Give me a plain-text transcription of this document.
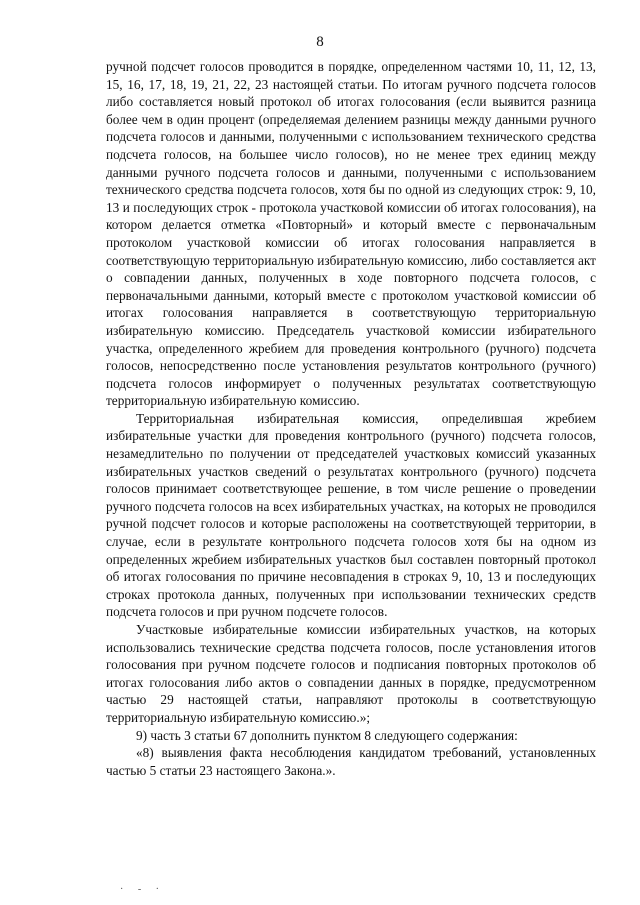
8

ручной подсчет голосов проводится в порядке, определенном частями 10, 11, 12, 13, 15, 16, 17, 18, 19, 21, 22, 23 настоящей статьи. По итогам ручного подсчета голосов либо составляется новый протокол об итогах голосования (если выявится разница более чем в один процент (определяемая делением разницы между данными ручного подсчета голосов и данными, полученными с использованием технического средства подсчета голосов, на большее число голосов), но не менее трех единиц между данными ручного подсчета голосов и данными, полученными с использованием технического средства подсчета голосов, хотя бы по одной из следующих строк: 9, 10, 13 и последующих строк - протокола участковой комиссии об итогах голосования), на котором делается отметка «Повторный» и который вместе с первоначальным протоколом участковой комиссии об итогах голосования направляется в соответствующую территориальную избирательную комиссию, либо составляется акт о совпадении данных, полученных в ходе повторного подсчета голосов, с первоначальными данными, который вместе с протоколом участковой комиссии об итогах голосования направляется в соответствующую территориальную избирательную комиссию. Председатель участковой комиссии избирательного участка, определенного жребием для проведения контрольного (ручного) подсчета голосов, непосредственно после установления результатов контрольного (ручного) подсчета голосов информирует о полученных результатах соответствующую территориальную избирательную комиссию.

Территориальная избирательная комиссия, определившая жребием избирательные участки для проведения контрольного (ручного) подсчета голосов, незамедлительно по получении от председателей участковых комиссий указанных избирательных участков сведений о результатах контрольного (ручного) подсчета голосов принимает соответствующее решение, в том числе решение о проведении ручного подсчета голосов на всех избирательных участках, на которых не проводился ручной подсчет голосов и которые расположены на соответствующей территории, в случае, если в результате контрольного подсчета голосов хотя бы на одном из определенных жребием избирательных участков был составлен повторный протокол об итогах голосования по причине несовпадения в строках 9, 10, 13 и последующих строках протокола данных, полученных при использовании технических средств подсчета голосов и при ручном подсчете голосов.

Участковые избирательные комиссии избирательных участков, на которых использовались технические средства подсчета голосов, после установления итогов голосования при ручном подсчете голосов и подписания повторных протоколов об итогах голосования либо актов о совпадении данных в порядке, предусмотренном частью 29 настоящей статьи, направляют протоколы в соответствующую территориальную избирательную комиссию.»;

9) часть 3 статьи 67 дополнить пунктом 8 следующего содержания:

«8) выявления факта несоблюдения кандидатом требований, установленных частью 5 статьи 23 настоящего Закона.».

· ‐ ·
